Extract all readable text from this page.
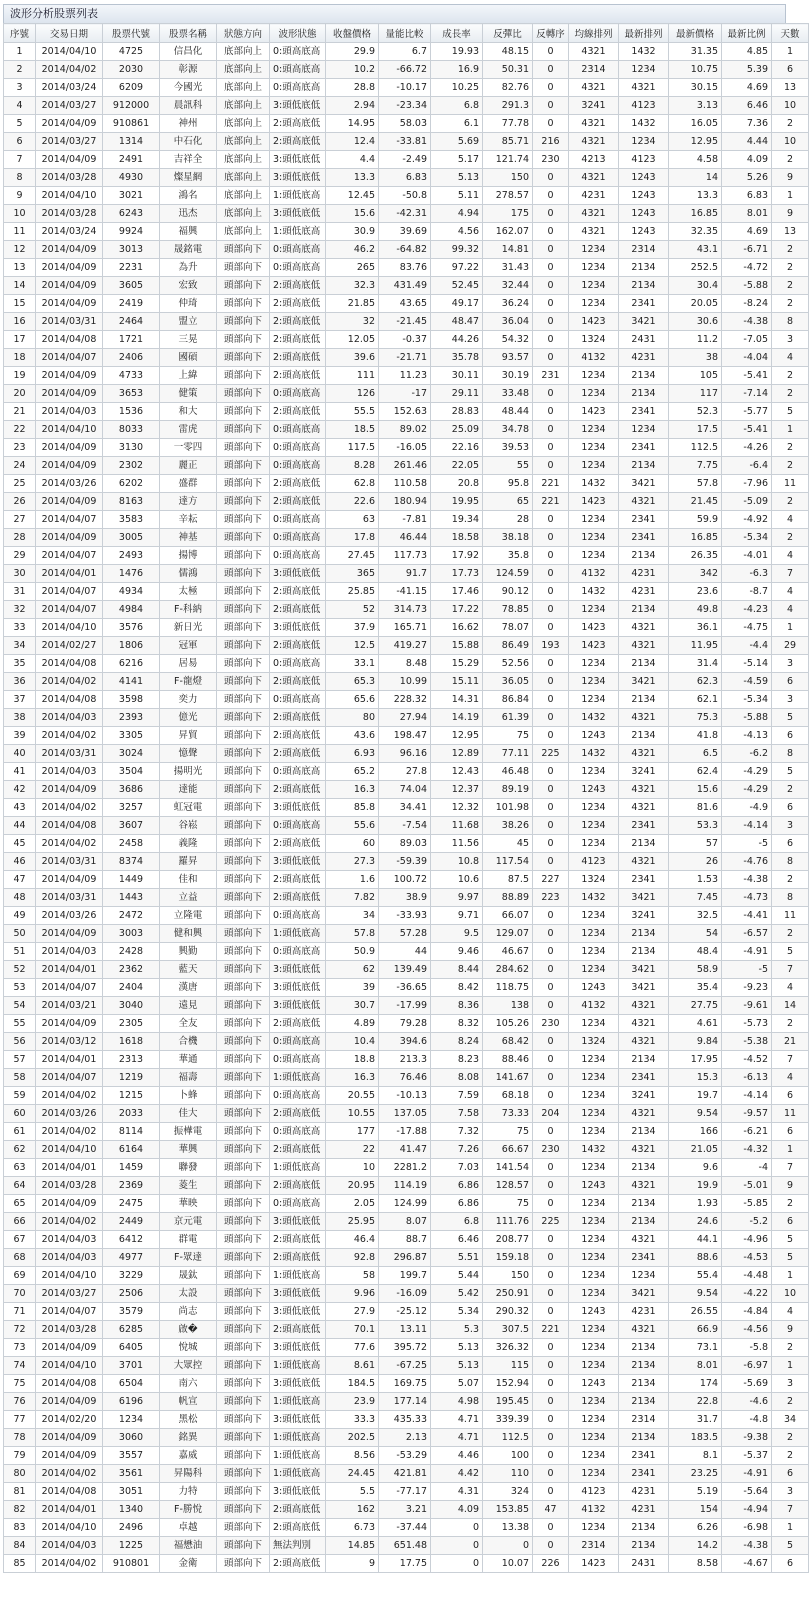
波形分析股票列表
序號	交易日期	股票代號	股票名稱	狀態方向	波形狀態	收盤價格	量能比較	成長率	反彈比	反轉序	均線排列	最新排列	最新價格	最新比例	天數
1	2014/04/10	4725	信昌化	底部向上	0:頭高底高	29.9	6.7	19.93	48.15	0	4321	1432	31.35	4.85	1
2	2014/04/02	2030	彰源	底部向上	0:頭高底高	10.2	-66.72	16.9	50.31	0	2314	1234	10.75	5.39	6
3	2014/03/24	6209	今國光	底部向上	0:頭高底高	28.8	-10.17	10.25	82.76	0	4321	4321	30.15	4.69	13
4	2014/03/27	912000	晨訊科	底部向上	3:頭低底低	2.94	-23.34	6.8	291.3	0	3241	4123	3.13	6.46	10
5	2014/04/09	910861	神州	底部向上	2:頭高底低	14.95	58.03	6.1	77.78	0	4321	1432	16.05	7.36	2
6	2014/03/27	1314	中石化	底部向上	2:頭高底低	12.4	-33.81	5.69	85.71	216	4321	1234	12.95	4.44	10
7	2014/04/09	2491	吉祥全	底部向上	3:頭低底低	4.4	-2.49	5.17	121.74	230	4213	4123	4.58	4.09	2
8	2014/03/28	4930	燦星網	底部向上	3:頭低底低	13.3	6.83	5.13	150	0	4321	1243	14	5.26	9
9	2014/04/10	3021	鴻名	底部向上	1:頭低底高	12.45	-50.8	5.11	278.57	0	4231	1243	13.3	6.83	1
10	2014/03/28	6243	迅杰	底部向上	3:頭低底低	15.6	-42.31	4.94	175	0	4321	1243	16.85	8.01	9
11	2014/03/24	9924	福興	底部向上	1:頭低底高	30.9	39.69	4.56	162.07	0	4321	1243	32.35	4.69	13
12	2014/04/09	3013	晟銘電	頭部向下	0:頭高底高	46.2	-64.82	99.32	14.81	0	1234	2314	43.1	-6.71	2
13	2014/04/09	2231	為升	頭部向下	0:頭高底高	265	83.76	97.22	31.43	0	1234	2134	252.5	-4.72	2
14	2014/04/09	3605	宏致	頭部向下	2:頭高底低	32.3	431.49	52.45	32.44	0	1234	2134	30.4	-5.88	2
15	2014/04/09	2419	仲琦	頭部向下	2:頭高底低	21.85	43.65	49.17	36.24	0	1234	2341	20.05	-8.24	2
16	2014/03/31	2464	盟立	頭部向下	2:頭高底低	32	-21.45	48.47	36.04	0	1423	3421	30.6	-4.38	8
17	2014/04/08	1721	三晃	頭部向下	2:頭高底低	12.05	-0.37	44.26	54.32	0	1324	2431	11.2	-7.05	3
18	2014/04/07	2406	國碩	頭部向下	2:頭高底低	39.6	-21.71	35.78	93.57	0	4132	4231	38	-4.04	4
19	2014/04/09	4733	上緯	頭部向下	2:頭高底低	111	11.23	30.11	30.19	231	1234	2134	105	-5.41	2
20	2014/04/09	3653	健策	頭部向下	0:頭高底高	126	-17	29.11	33.48	0	1234	2134	117	-7.14	2
21	2014/04/03	1536	和大	頭部向下	2:頭高底低	55.5	152.63	28.83	48.44	0	1423	2341	52.3	-5.77	5
22	2014/04/10	8033	雷虎	頭部向下	0:頭高底高	18.5	89.02	25.09	34.78	0	1234	1234	17.5	-5.41	1
23	2014/04/09	3130	一零四	頭部向下	0:頭高底高	117.5	-16.05	22.16	39.53	0	1234	2341	112.5	-4.26	2
24	2014/04/09	2302	麗正	頭部向下	0:頭高底高	8.28	261.46	22.05	55	0	1234	2134	7.75	-6.4	2
25	2014/03/26	6202	盛群	頭部向下	2:頭高底低	62.8	110.58	20.8	95.8	221	1432	3421	57.8	-7.96	11
26	2014/04/09	8163	達方	頭部向下	2:頭高底低	22.6	180.94	19.95	65	221	1423	4321	21.45	-5.09	2
27	2014/04/07	3583	辛耘	頭部向下	0:頭高底高	63	-7.81	19.34	28	0	1234	2341	59.9	-4.92	4
28	2014/04/09	3005	神基	頭部向下	0:頭高底高	17.8	46.44	18.58	38.18	0	1234	2341	16.85	-5.34	2
29	2014/04/07	2493	揚博	頭部向下	0:頭高底高	27.45	117.73	17.92	35.8	0	1234	2134	26.35	-4.01	4
30	2014/04/01	1476	儒鴻	頭部向下	3:頭低底低	365	91.7	17.73	124.59	0	4132	4231	342	-6.3	7
31	2014/04/07	4934	太極	頭部向下	2:頭高底低	25.85	-41.15	17.46	90.12	0	1432	4231	23.6	-8.7	4
32	2014/04/07	4984	F-科納	頭部向下	2:頭高底低	52	314.73	17.22	78.85	0	1234	2134	49.8	-4.23	4
33	2014/04/10	3576	新日光	頭部向下	3:頭低底低	37.9	165.71	16.62	78.07	0	1423	4321	36.1	-4.75	1
34	2014/02/27	1806	冠軍	頭部向下	2:頭高底低	12.5	419.27	15.88	86.49	193	1423	4321	11.95	-4.4	29
35	2014/04/08	6216	居易	頭部向下	0:頭高底高	33.1	8.48	15.29	52.56	0	1234	2134	31.4	-5.14	3
36	2014/04/02	4141	F-龍燈	頭部向下	2:頭高底低	65.3	10.99	15.11	36.05	0	1234	3421	62.3	-4.59	6
37	2014/04/08	3598	奕力	頭部向下	0:頭高底高	65.6	228.32	14.31	86.84	0	1234	2134	62.1	-5.34	3
38	2014/04/03	2393	億光	頭部向下	2:頭高底低	80	27.94	14.19	61.39	0	1432	4321	75.3	-5.88	5
39	2014/04/02	3305	昇貿	頭部向下	2:頭高底低	43.6	198.47	12.95	75	0	1243	2134	41.8	-4.13	6
40	2014/03/31	3024	憶聲	頭部向下	2:頭高底低	6.93	96.16	12.89	77.11	225	1432	4321	6.5	-6.2	8
41	2014/04/03	3504	揚明光	頭部向下	0:頭高底高	65.2	27.8	12.43	46.48	0	1234	3241	62.4	-4.29	5
42	2014/04/09	3686	達能	頭部向下	2:頭高底低	16.3	74.04	12.37	89.19	0	1243	4321	15.6	-4.29	2
43	2014/04/02	3257	虹冠電	頭部向下	3:頭低底低	85.8	34.41	12.32	101.98	0	1234	4321	81.6	-4.9	6
44	2014/04/08	3607	谷崧	頭部向下	0:頭高底高	55.6	-7.54	11.68	38.26	0	1234	2341	53.3	-4.14	3
45	2014/04/02	2458	義隆	頭部向下	2:頭高底低	60	89.03	11.56	45	0	1234	2134	57	-5	6
46	2014/03/31	8374	羅昇	頭部向下	3:頭低底低	27.3	-59.39	10.8	117.54	0	4123	4321	26	-4.76	8
47	2014/04/09	1449	佳和	頭部向下	2:頭高底低	1.6	100.72	10.6	87.5	227	1324	2341	1.53	-4.38	2
48	2014/03/31	1443	立益	頭部向下	2:頭高底低	7.82	38.9	9.97	88.89	223	1432	3421	7.45	-4.73	8
49	2014/03/26	2472	立隆電	頭部向下	0:頭高底高	34	-33.93	9.71	66.07	0	1234	3241	32.5	-4.41	11
50	2014/04/09	3003	健和興	頭部向下	1:頭低底高	57.8	57.28	9.5	129.07	0	1234	2134	54	-6.57	2
51	2014/04/03	2428	興勤	頭部向下	0:頭高底高	50.9	44	9.46	46.67	0	1234	2134	48.4	-4.91	5
52	2014/04/01	2362	藍天	頭部向下	3:頭低底低	62	139.49	8.44	284.62	0	1234	3421	58.9	-5	7
53	2014/04/07	2404	漢唐	頭部向下	3:頭低底低	39	-36.65	8.42	118.75	0	1243	3421	35.4	-9.23	4
54	2014/03/21	3040	遠見	頭部向下	3:頭低底低	30.7	-17.99	8.36	138	0	4132	4321	27.75	-9.61	14
55	2014/04/09	2305	全友	頭部向下	2:頭高底低	4.89	79.28	8.32	105.26	230	1234	4321	4.61	-5.73	2
56	2014/03/12	1618	合機	頭部向下	0:頭高底高	10.4	394.6	8.24	68.42	0	1324	4321	9.84	-5.38	21
57	2014/04/01	2313	華通	頭部向下	0:頭高底高	18.8	213.3	8.23	88.46	0	1234	2134	17.95	-4.52	7
58	2014/04/07	1219	福壽	頭部向下	1:頭低底高	16.3	76.46	8.08	141.67	0	1234	2341	15.3	-6.13	4
59	2014/04/02	1215	卜蜂	頭部向下	0:頭高底高	20.55	-10.13	7.59	68.18	0	1234	3241	19.7	-4.14	6
60	2014/03/26	2033	佳大	頭部向下	2:頭高底低	10.55	137.05	7.58	73.33	204	1234	4321	9.54	-9.57	11
61	2014/04/02	8114	振樺電	頭部向下	0:頭高底高	177	-17.88	7.32	75	0	1234	2134	166	-6.21	6
62	2014/04/10	6164	華興	頭部向下	2:頭高底低	22	41.47	7.26	66.67	230	1432	4321	21.05	-4.32	1
63	2014/04/01	1459	聯發	頭部向下	1:頭低底高	10	2281.2	7.03	141.54	0	1234	2134	9.6	-4	7
64	2014/03/28	2369	菱生	頭部向下	2:頭高底低	20.95	114.19	6.86	128.57	0	1243	4321	19.9	-5.01	9
65	2014/04/09	2475	華映	頭部向下	0:頭高底高	2.05	124.99	6.86	75	0	1234	2134	1.93	-5.85	2
66	2014/04/02	2449	京元電	頭部向下	3:頭低底低	25.95	8.07	6.8	111.76	225	1234	2134	24.6	-5.2	6
67	2014/04/03	6412	群電	頭部向下	2:頭高底低	46.4	88.7	6.46	208.77	0	1234	4321	44.1	-4.96	5
68	2014/04/03	4977	F-眾達	頭部向下	2:頭高底低	92.8	296.87	5.51	159.18	0	1234	2341	88.6	-4.53	5
69	2014/04/10	3229	晟鈦	頭部向下	1:頭低底高	58	199.7	5.44	150	0	1234	1234	55.4	-4.48	1
70	2014/03/27	2506	太設	頭部向下	3:頭低底低	9.96	-16.09	5.42	250.91	0	1234	3421	9.54	-4.22	10
71	2014/04/07	3579	尚志	頭部向下	3:頭低底低	27.9	-25.12	5.34	290.32	0	1243	4231	26.55	-4.84	4
72	2014/03/28	6285	啟�	頭部向下	2:頭高底低	70.1	13.11	5.3	307.5	221	1234	4321	66.9	-4.56	9
73	2014/04/09	6405	悅城	頭部向下	3:頭低底低	77.6	395.72	5.13	326.32	0	1234	2134	73.1	-5.8	2
74	2014/04/10	3701	大眾控	頭部向下	1:頭低底高	8.61	-67.25	5.13	115	0	1234	2134	8.01	-6.97	1
75	2014/04/08	6504	南六	頭部向下	3:頭低底低	184.5	169.75	5.07	152.94	0	1243	2134	174	-5.69	3
76	2014/04/09	6196	帆宣	頭部向下	1:頭低底高	23.9	177.14	4.98	195.45	0	1234	2134	22.8	-4.6	2
77	2014/02/20	1234	黑松	頭部向下	3:頭低底低	33.3	435.33	4.71	339.39	0	1234	2314	31.7	-4.8	34
78	2014/04/09	3060	銘異	頭部向下	1:頭低底高	202.5	2.13	4.71	112.5	0	1234	2134	183.5	-9.38	2
79	2014/04/09	3557	嘉威	頭部向下	1:頭低底高	8.56	-53.29	4.46	100	0	1234	2341	8.1	-5.37	2
80	2014/04/02	3561	昇陽科	頭部向下	1:頭低底高	24.45	421.81	4.42	110	0	1234	2341	23.25	-4.91	6
81	2014/04/08	3051	力特	頭部向下	3:頭低底低	5.5	-77.17	4.31	324	0	4123	4231	5.19	-5.64	3
82	2014/04/01	1340	F-勝悅	頭部向下	2:頭高底低	162	3.21	4.09	153.85	47	4132	4231	154	-4.94	7
83	2014/04/10	2496	卓越	頭部向下	2:頭高底低	6.73	-37.44	0	13.38	0	1234	2134	6.26	-6.98	1
84	2014/04/03	1225	福懋油	頭部向下	無法判別	14.85	651.48	0	0	0	2314	2134	14.2	-4.38	5
85	2014/04/02	910801	金衛	頭部向下	2:頭高底低	9	17.75	0	10.07	226	1423	2431	8.58	-4.67	6
